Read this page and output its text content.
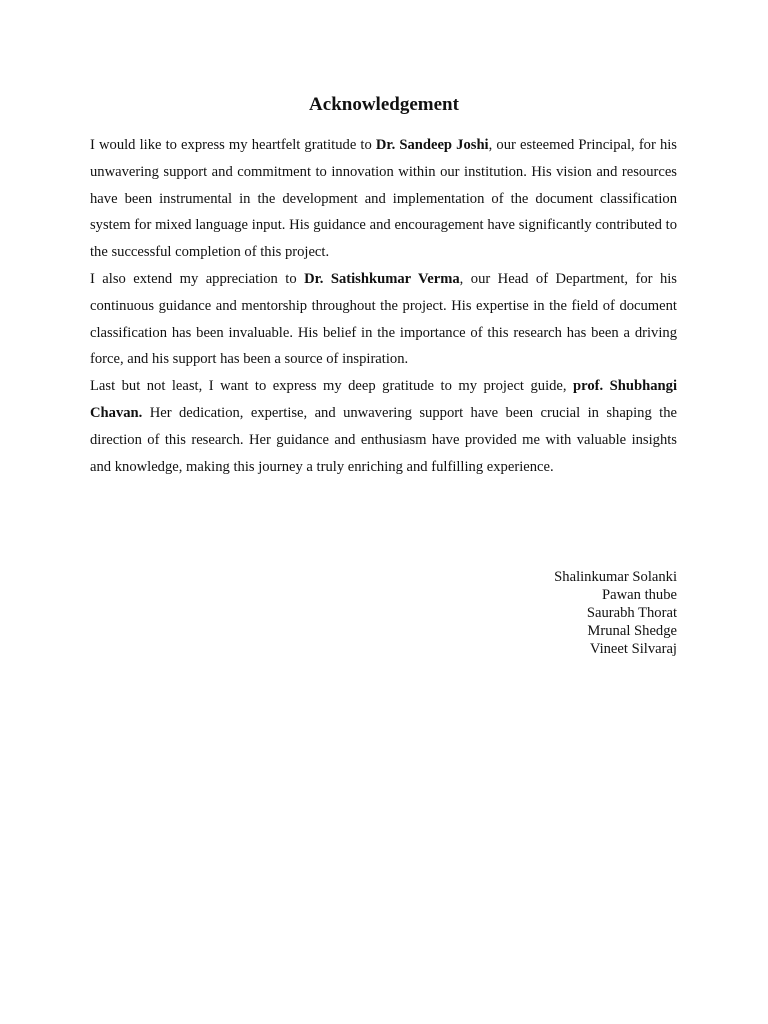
Acknowledgement

I would like to express my heartfelt gratitude to Dr. Sandeep Joshi, our esteemed Principal, for his unwavering support and commitment to innovation within our institution. His vision and resources have been instrumental in the development and implementation of the document classification system for mixed language input. His guidance and encouragement have significantly contributed to the successful completion of this project.

I also extend my appreciation to Dr. Satishkumar Verma, our Head of Department, for his continuous guidance and mentorship throughout the project. His expertise in the field of document classification has been invaluable. His belief in the importance of this research has been a driving force, and his support has been a source of inspiration.

Last but not least, I want to express my deep gratitude to my project guide, prof. Shubhangi Chavan. Her dedication, expertise, and unwavering support have been crucial in shaping the direction of this research. Her guidance and enthusiasm have provided me with valuable insights and knowledge, making this journey a truly enriching and fulfilling experience.

Shalinkumar Solanki
Pawan thube
Saurabh Thorat
Mrunal Shedge
Vineet Silvaraj
